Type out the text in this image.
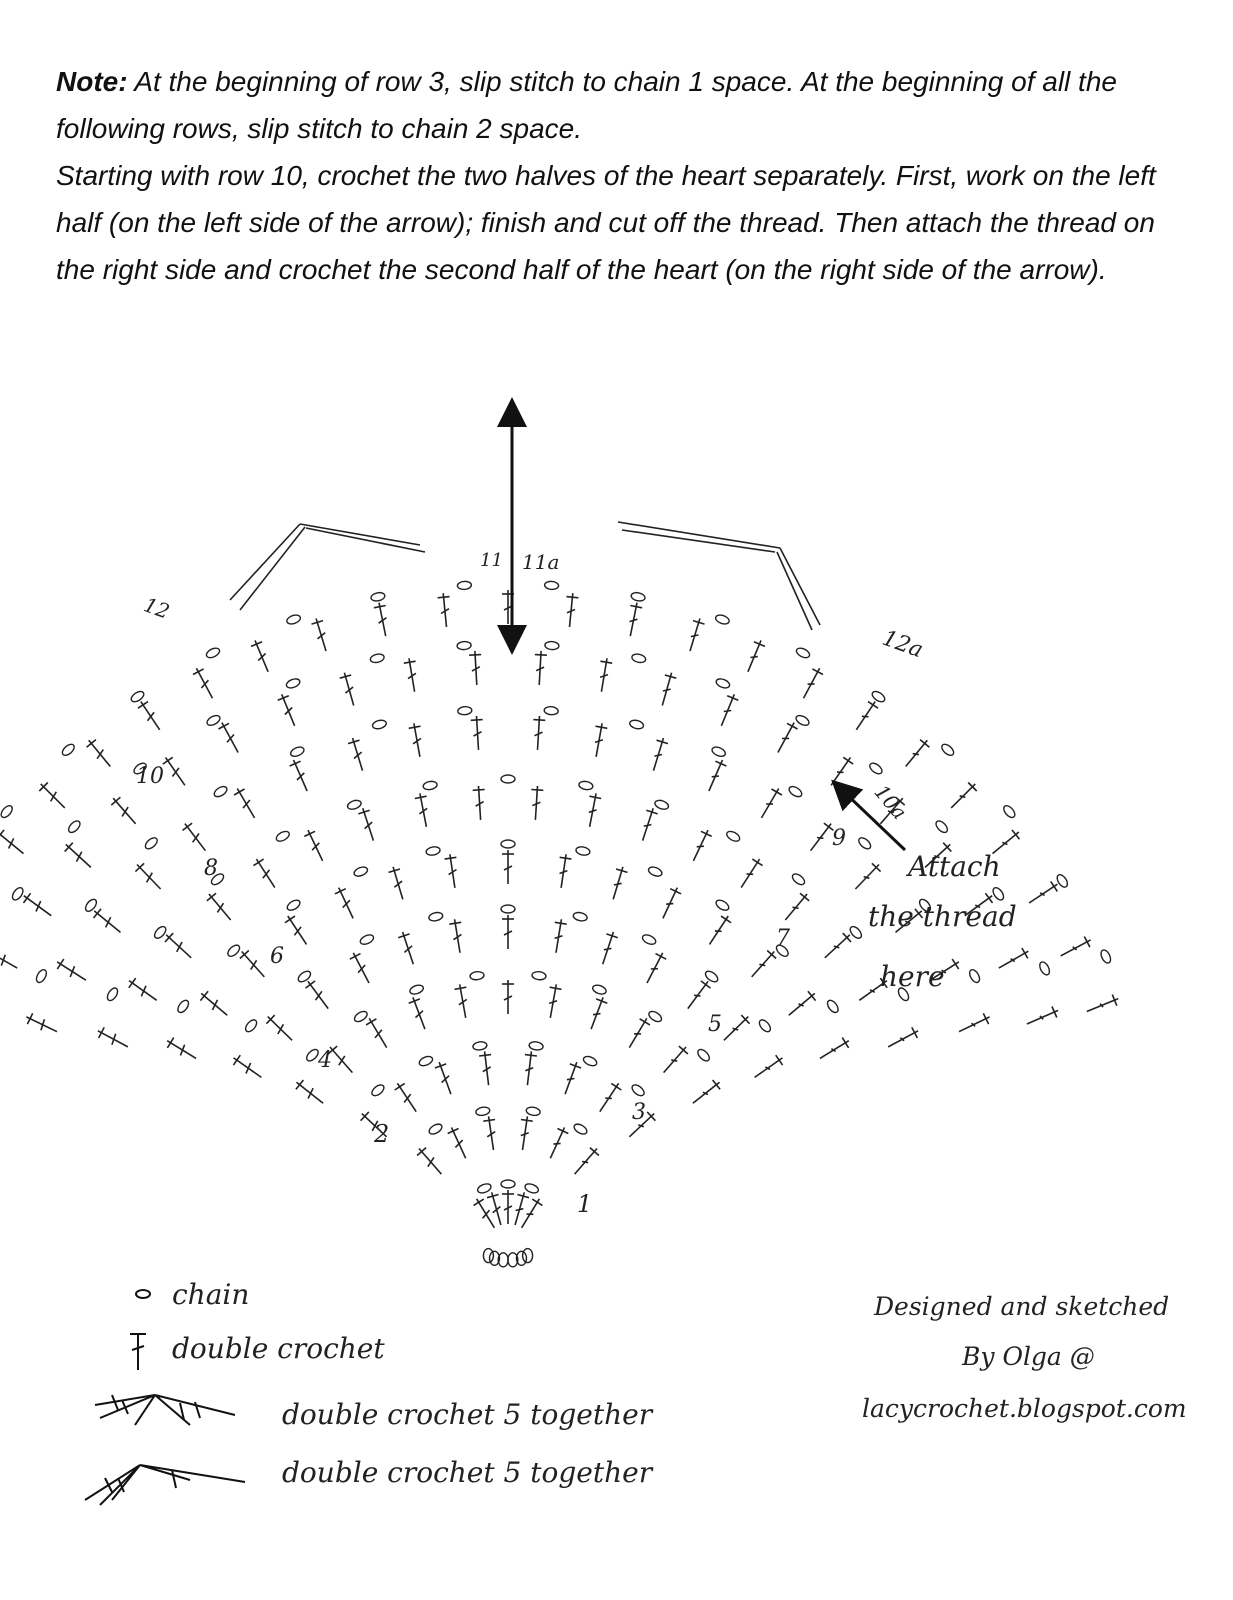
Note: At the beginning of row 3, slip stitch to chain 1 space. At the beginning of all the following rows, slip stitch to chain 2 space.

Starting with row 10, crochet the two halves of the heart separately. First, work on the left half (on the left side of the arrow); finish and cut off the thread. Then attach the thread on the right side and crochet the second half of the heart (on the right side of the arrow).

1
2
3
4
5
6
7
8
9
10
10a
11 11a
12
12a
Attach
the thread
here
chain
double crochet
double crochet 5 together
double crochet 5 together
Designed and sketched
By Olga @
lacycrochet.blogspot.com
